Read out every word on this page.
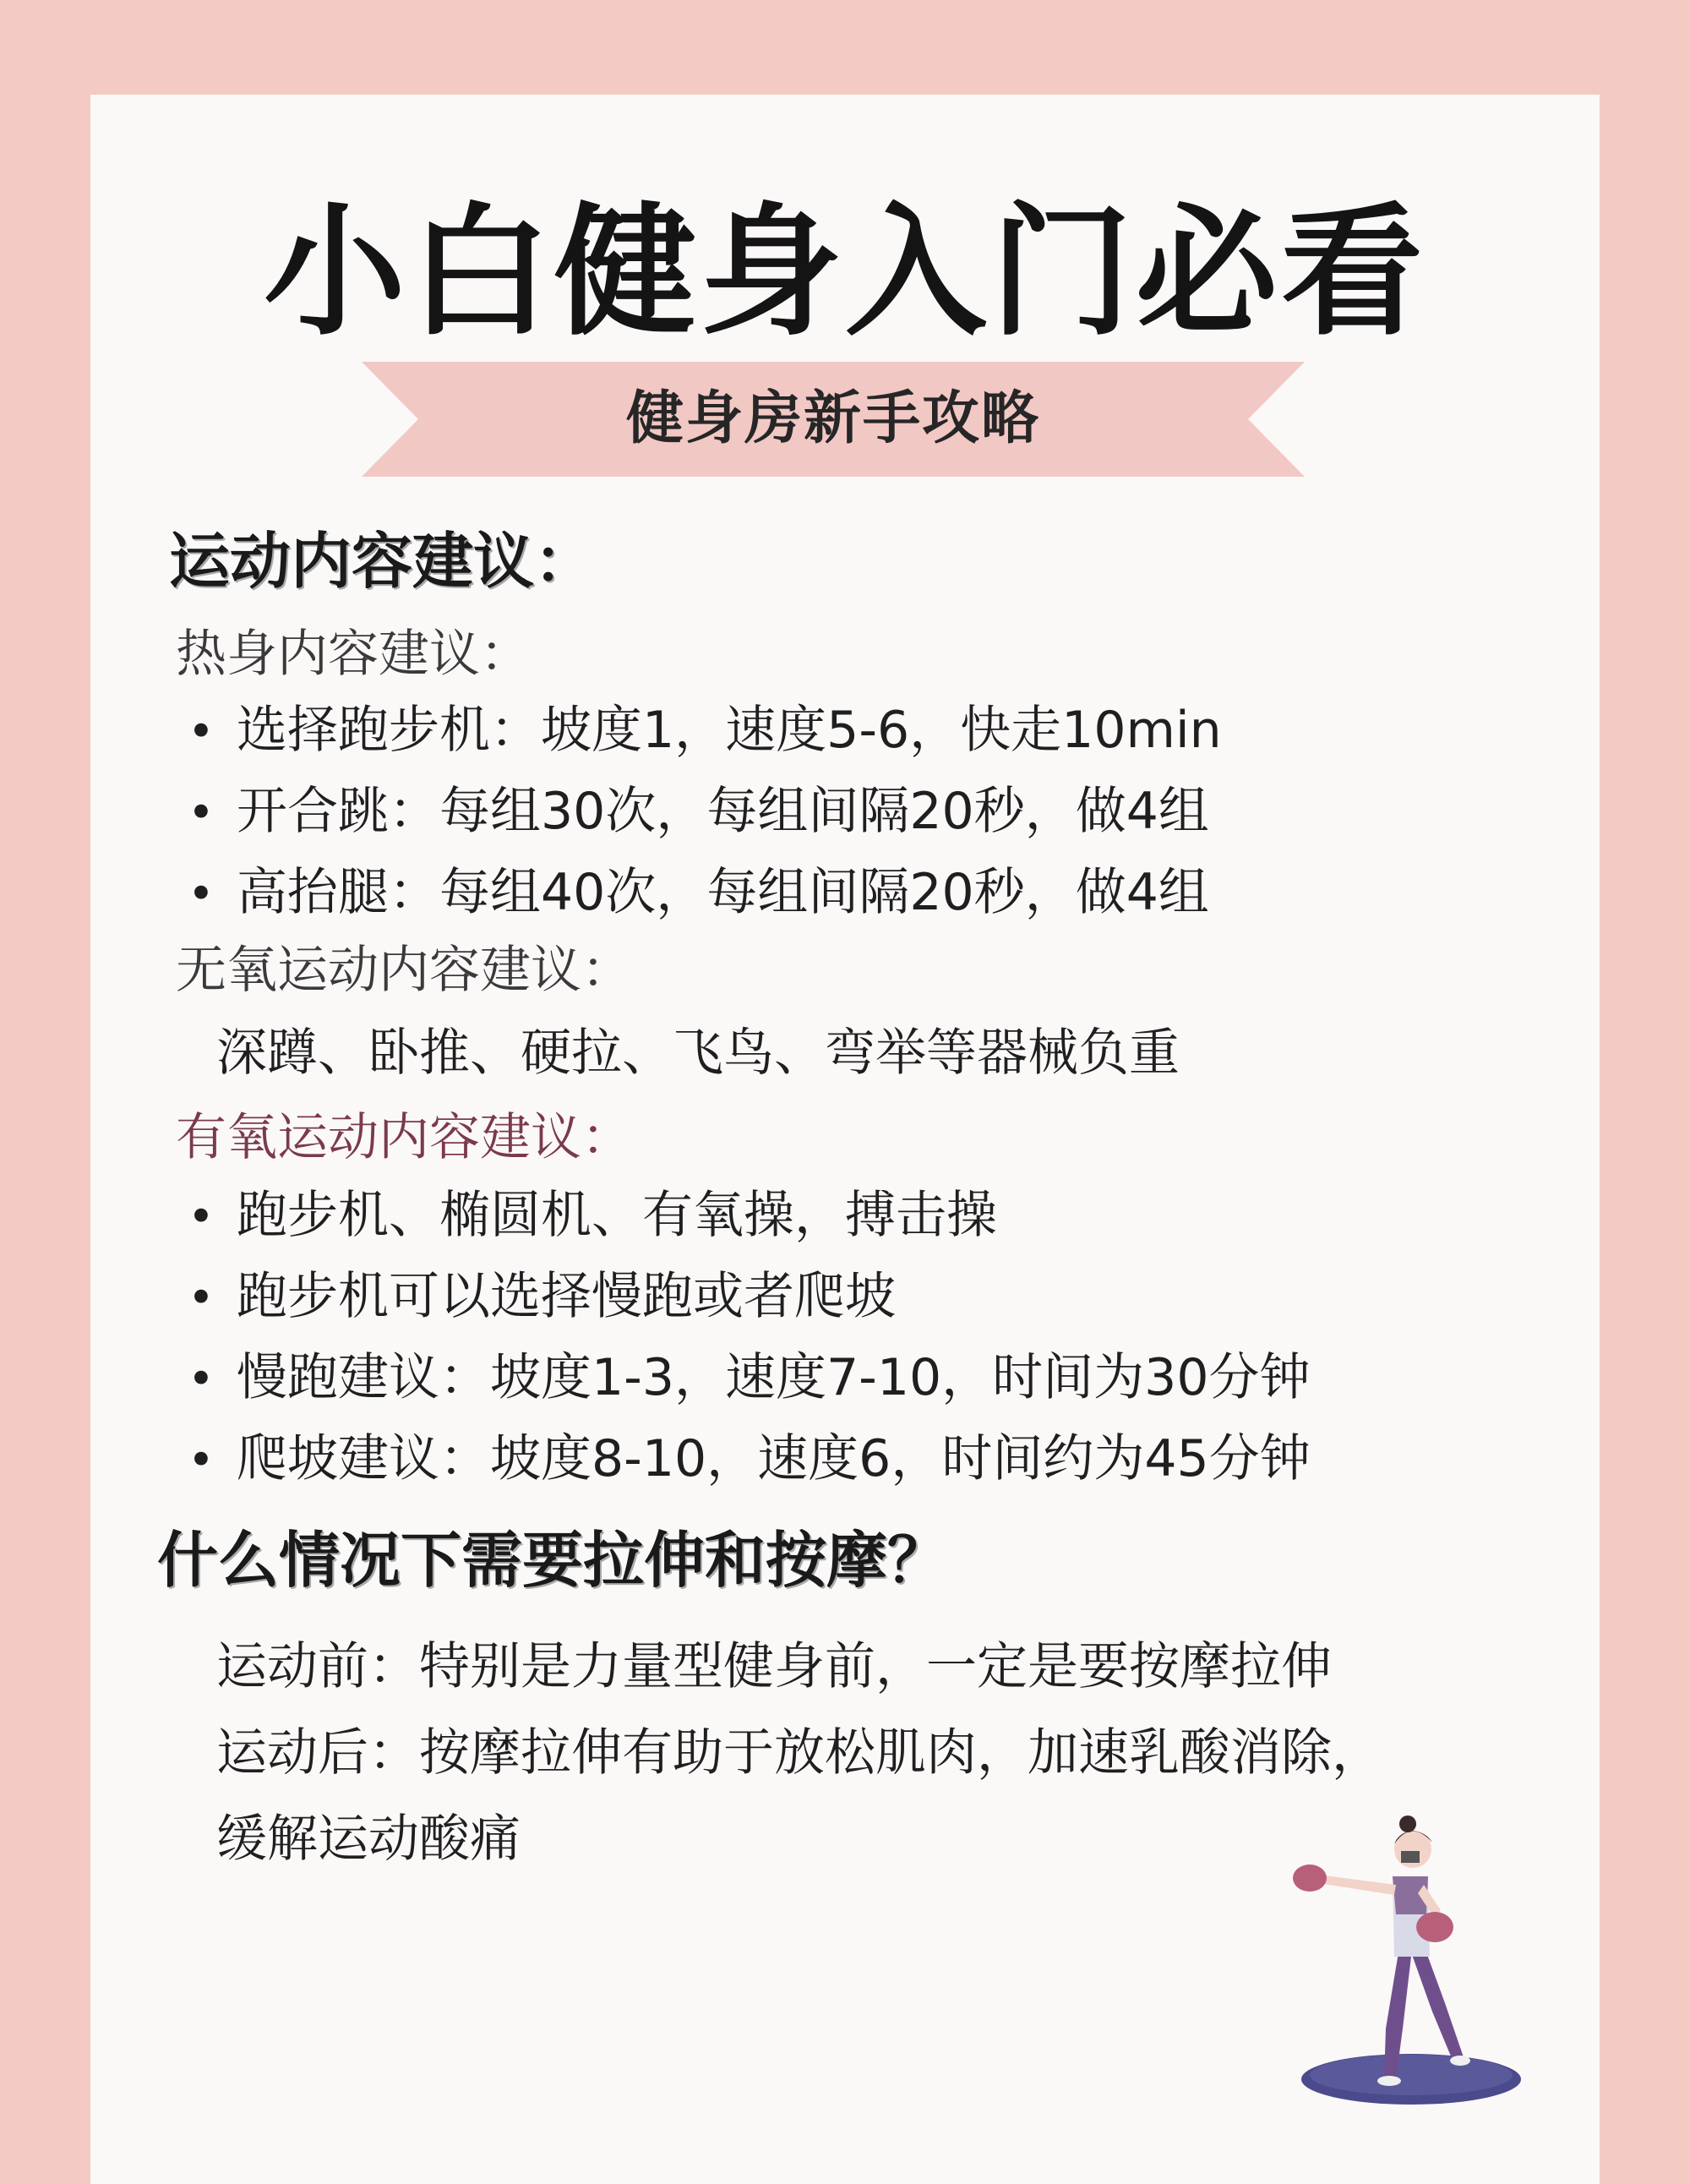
小白健身入门必看
健身房新手攻略
运动内容建议：
热身内容建议：
• 选择跑步机：坡度1，速度5-6，快走10min
• 开合跳：每组30次，每组间隔20秒，做4组
• 高抬腿：每组40次，每组间隔20秒，做4组
无氧运动内容建议：
深蹲、卧推、硬拉、飞鸟、弯举等器械负重
有氧运动内容建议：
• 跑步机、椭圆机、有氧操，搏击操
• 跑步机可以选择慢跑或者爬坡
• 慢跑建议：坡度1-3，速度7-10，时间为30分钟
• 爬坡建议：坡度8-10，速度6，时间约为45分钟
什么情况下需要拉伸和按摩？
运动前：特别是力量型健身前，一定是要按摩拉伸
运动后：按摩拉伸有助于放松肌肉，加速乳酸消除，
缓解运动酸痛
